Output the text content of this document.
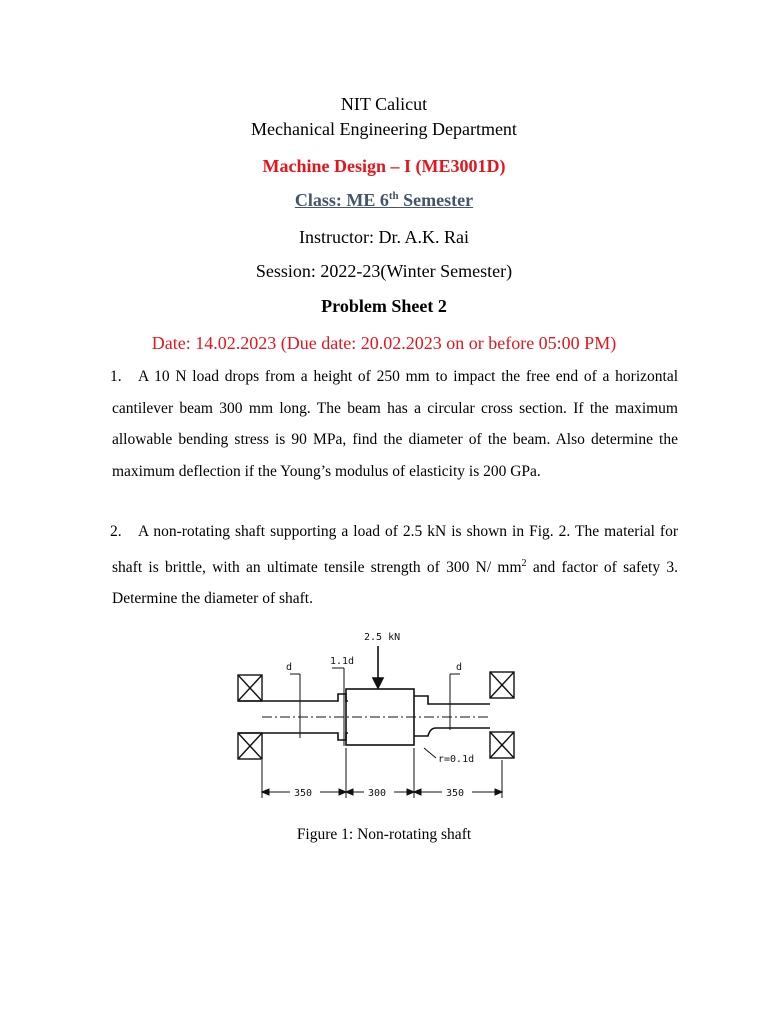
NIT Calicut
Mechanical Engineering Department
Machine Design – I (ME3001D)
Class: ME 6th Semester
Instructor: Dr. A.K. Rai
Session: 2022-23(Winter Semester)
Problem Sheet 2
Date: 14.02.2023 (Due date: 20.02.2023 on or before 05:00 PM)
1.	A 10 N load drops from a height of 250 mm to impact the free end of a horizontal cantilever beam 300 mm long. The beam has a circular cross section. If the maximum allowable bending stress is 90 MPa, find the diameter of the beam. Also determine the maximum deflection if the Young’s modulus of elasticity is 200 GPa.
2.	A non-rotating shaft supporting a load of 2.5 kN is shown in Fig. 2. The material for shaft is brittle, with an ultimate tensile strength of 300 N/ $mm^2$ and factor of safety 3. Determine the diameter of shaft.
2.5 kN
d
1.1d
d
r=0.1d
350	300	350
Figure 1: Non-rotating shaft
